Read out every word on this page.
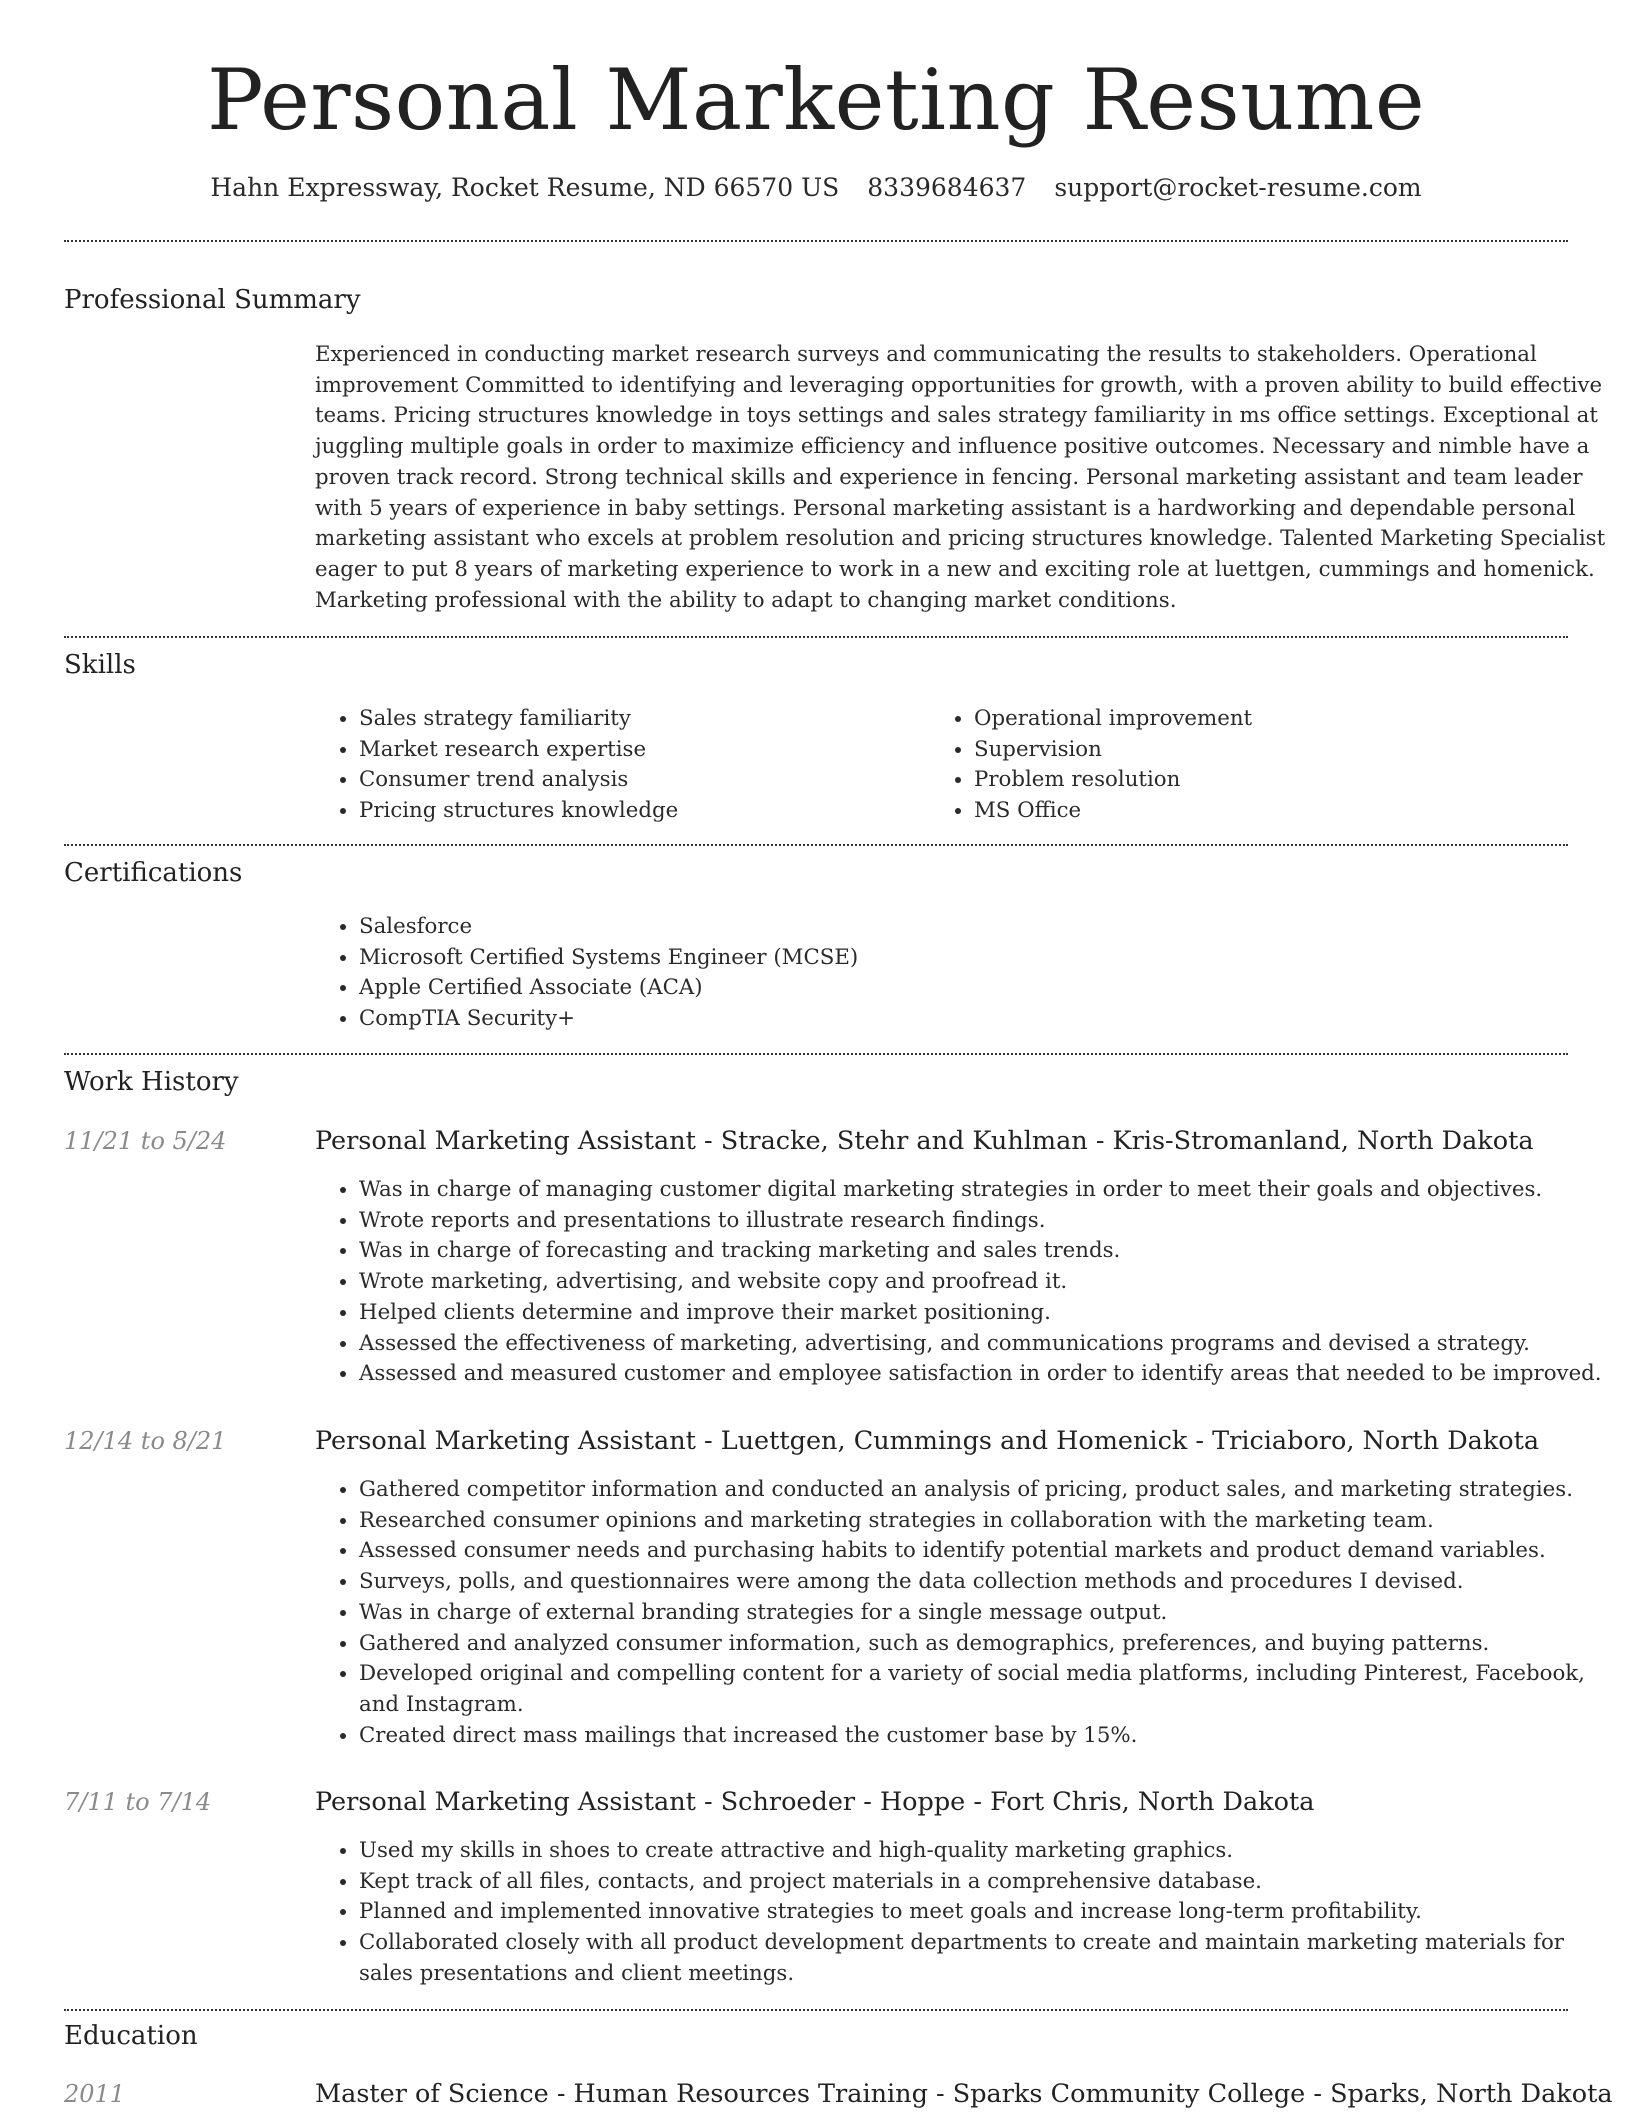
Personal Marketing Resume
Hahn Expressway, Rocket Resume, ND 66570 US 8339684637 support@rocket-resume.com
Professional Summary
Experienced in conducting market research surveys and communicating the results to stakeholders. Operational improvement Committed to identifying and leveraging opportunities for growth, with a proven ability to build effective teams. Pricing structures knowledge in toys settings and sales strategy familiarity in ms office settings. Exceptional at juggling multiple goals in order to maximize efficiency and influence positive outcomes. Necessary and nimble have a proven track record. Strong technical skills and experience in fencing. Personal marketing assistant and team leader with 5 years of experience in baby settings. Personal marketing assistant is a hardworking and dependable personal marketing assistant who excels at problem resolution and pricing structures knowledge. Talented Marketing Specialist eager to put 8 years of marketing experience to work in a new and exciting role at luettgen, cummings and homenick. Marketing professional with the ability to adapt to changing market conditions.
Skills
• Sales strategy familiarity
• Market research expertise
• Consumer trend analysis
• Pricing structures knowledge
• Operational improvement
• Supervision
• Problem resolution
• MS Office
Certifications
• Salesforce
• Microsoft Certified Systems Engineer (MCSE)
• Apple Certified Associate (ACA)
• CompTIA Security+
Work History
11/21 to 5/24	Personal Marketing Assistant - Stracke, Stehr and Kuhlman - Kris-Stromanland, North Dakota
• Was in charge of managing customer digital marketing strategies in order to meet their goals and objectives.
• Wrote reports and presentations to illustrate research findings.
• Was in charge of forecasting and tracking marketing and sales trends.
• Wrote marketing, advertising, and website copy and proofread it.
• Helped clients determine and improve their market positioning.
• Assessed the effectiveness of marketing, advertising, and communications programs and devised a strategy.
• Assessed and measured customer and employee satisfaction in order to identify areas that needed to be improved.
12/14 to 8/21	Personal Marketing Assistant - Luettgen, Cummings and Homenick - Triciaboro, North Dakota
• Gathered competitor information and conducted an analysis of pricing, product sales, and marketing strategies.
• Researched consumer opinions and marketing strategies in collaboration with the marketing team.
• Assessed consumer needs and purchasing habits to identify potential markets and product demand variables.
• Surveys, polls, and questionnaires were among the data collection methods and procedures I devised.
• Was in charge of external branding strategies for a single message output.
• Gathered and analyzed consumer information, such as demographics, preferences, and buying patterns.
• Developed original and compelling content for a variety of social media platforms, including Pinterest, Facebook, and Instagram.
• Created direct mass mailings that increased the customer base by 15%.
7/11 to 7/14	Personal Marketing Assistant - Schroeder - Hoppe - Fort Chris, North Dakota
• Used my skills in shoes to create attractive and high-quality marketing graphics.
• Kept track of all files, contacts, and project materials in a comprehensive database.
• Planned and implemented innovative strategies to meet goals and increase long-term profitability.
• Collaborated closely with all product development departments to create and maintain marketing materials for sales presentations and client meetings.
Education
2011	Master of Science - Human Resources Training - Sparks Community College - Sparks, North Dakota
